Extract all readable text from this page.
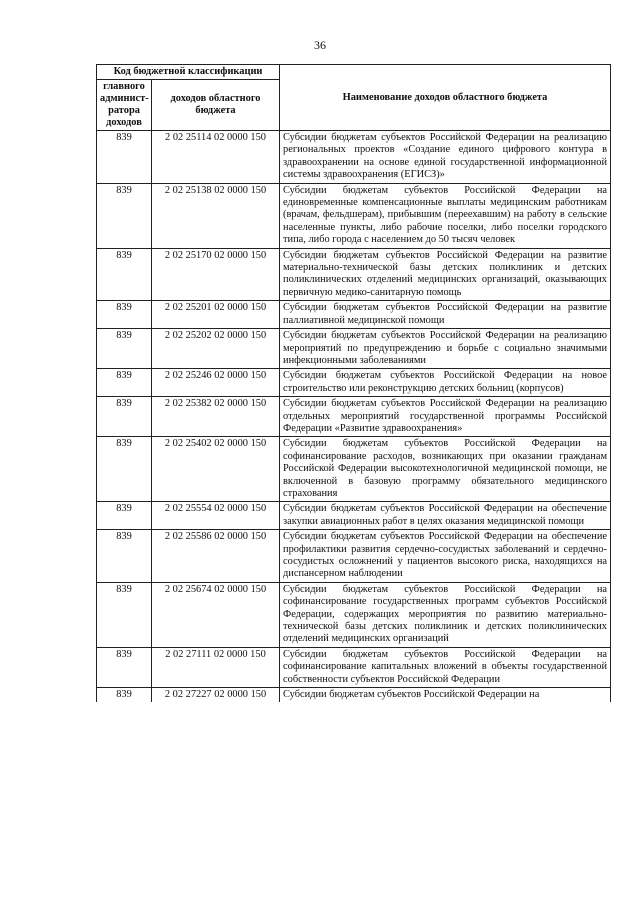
36
Код бюджетной классификации		Наименование доходов областного бюджета
главного админист- ратора доходов	доходов областного бюджета	
839	2 02 25114 02 0000 150	Субсидии бюджетам субъектов Российской Федерации на реализацию региональных проектов «Создание единого цифрового контура в здравоохранении на основе единой государственной информационной системы здравоохранения (ЕГИСЗ)»
839	2 02 25138 02 0000 150	Субсидии бюджетам субъектов Российской Федерации на единовременные компенсационные выплаты медицинским работникам (врачам, фельдшерам), прибывшим (переехавшим) на работу в сельские населенные пункты, либо рабочие поселки, либо поселки городского типа, либо города с населением до 50 тысяч человек
839	2 02 25170 02 0000 150	Субсидии бюджетам субъектов Российской Федерации на развитие материально-технической базы детских поликлиник и детских поликлинических отделений медицинских организаций, оказывающих первичную медико-санитарную помощь
839	2 02 25201 02 0000 150	Субсидии бюджетам субъектов Российской Федерации на развитие паллиативной медицинской помощи
839	2 02 25202 02 0000 150	Субсидии бюджетам субъектов Российской Федерации на реализацию мероприятий по предупреждению и борьбе с социально значимыми инфекционными заболеваниями
839	2 02 25246 02 0000 150	Субсидии бюджетам субъектов Российской Федерации на новое строительство или реконструкцию детских больниц (корпусов)
839	2 02 25382 02 0000 150	Субсидии бюджетам субъектов Российской Федерации на реализацию отдельных мероприятий государственной программы Российской Федерации «Развитие здравоохранения»
839	2 02 25402 02 0000 150	Субсидии бюджетам субъектов Российской Федерации на софинансирование расходов, возникающих при оказании гражданам Российской Федерации высокотехнологичной медицинской помощи, не включенной в базовую программу обязательного медицинского страхования
839	2 02 25554 02 0000 150	Субсидии бюджетам субъектов Российской Федерации на обеспечение закупки авиационных работ в целях оказания медицинской помощи
839	2 02 25586 02 0000 150	Субсидии бюджетам субъектов Российской Федерации на обеспечение профилактики развития сердечно-сосудистых заболеваний и сердечно-сосудистых осложнений у пациентов высокого риска, находящихся на диспансерном наблюдении
839	2 02 25674 02 0000 150	Субсидии бюджетам субъектов Российской Федерации на софинансирование государственных программ субъектов Российской Федерации, содержащих мероприятия по развитию материально-технической базы детских поликлиник и детских поликлинических отделений медицинских организаций
839	2 02 27111 02 0000 150	Субсидии бюджетам субъектов Российской Федерации на софинансирование капитальных вложений в объекты государственной собственности субъектов Российской Федерации
839	2 02 27227 02 0000 150	Субсидии бюджетам субъектов Российской Федерации на
